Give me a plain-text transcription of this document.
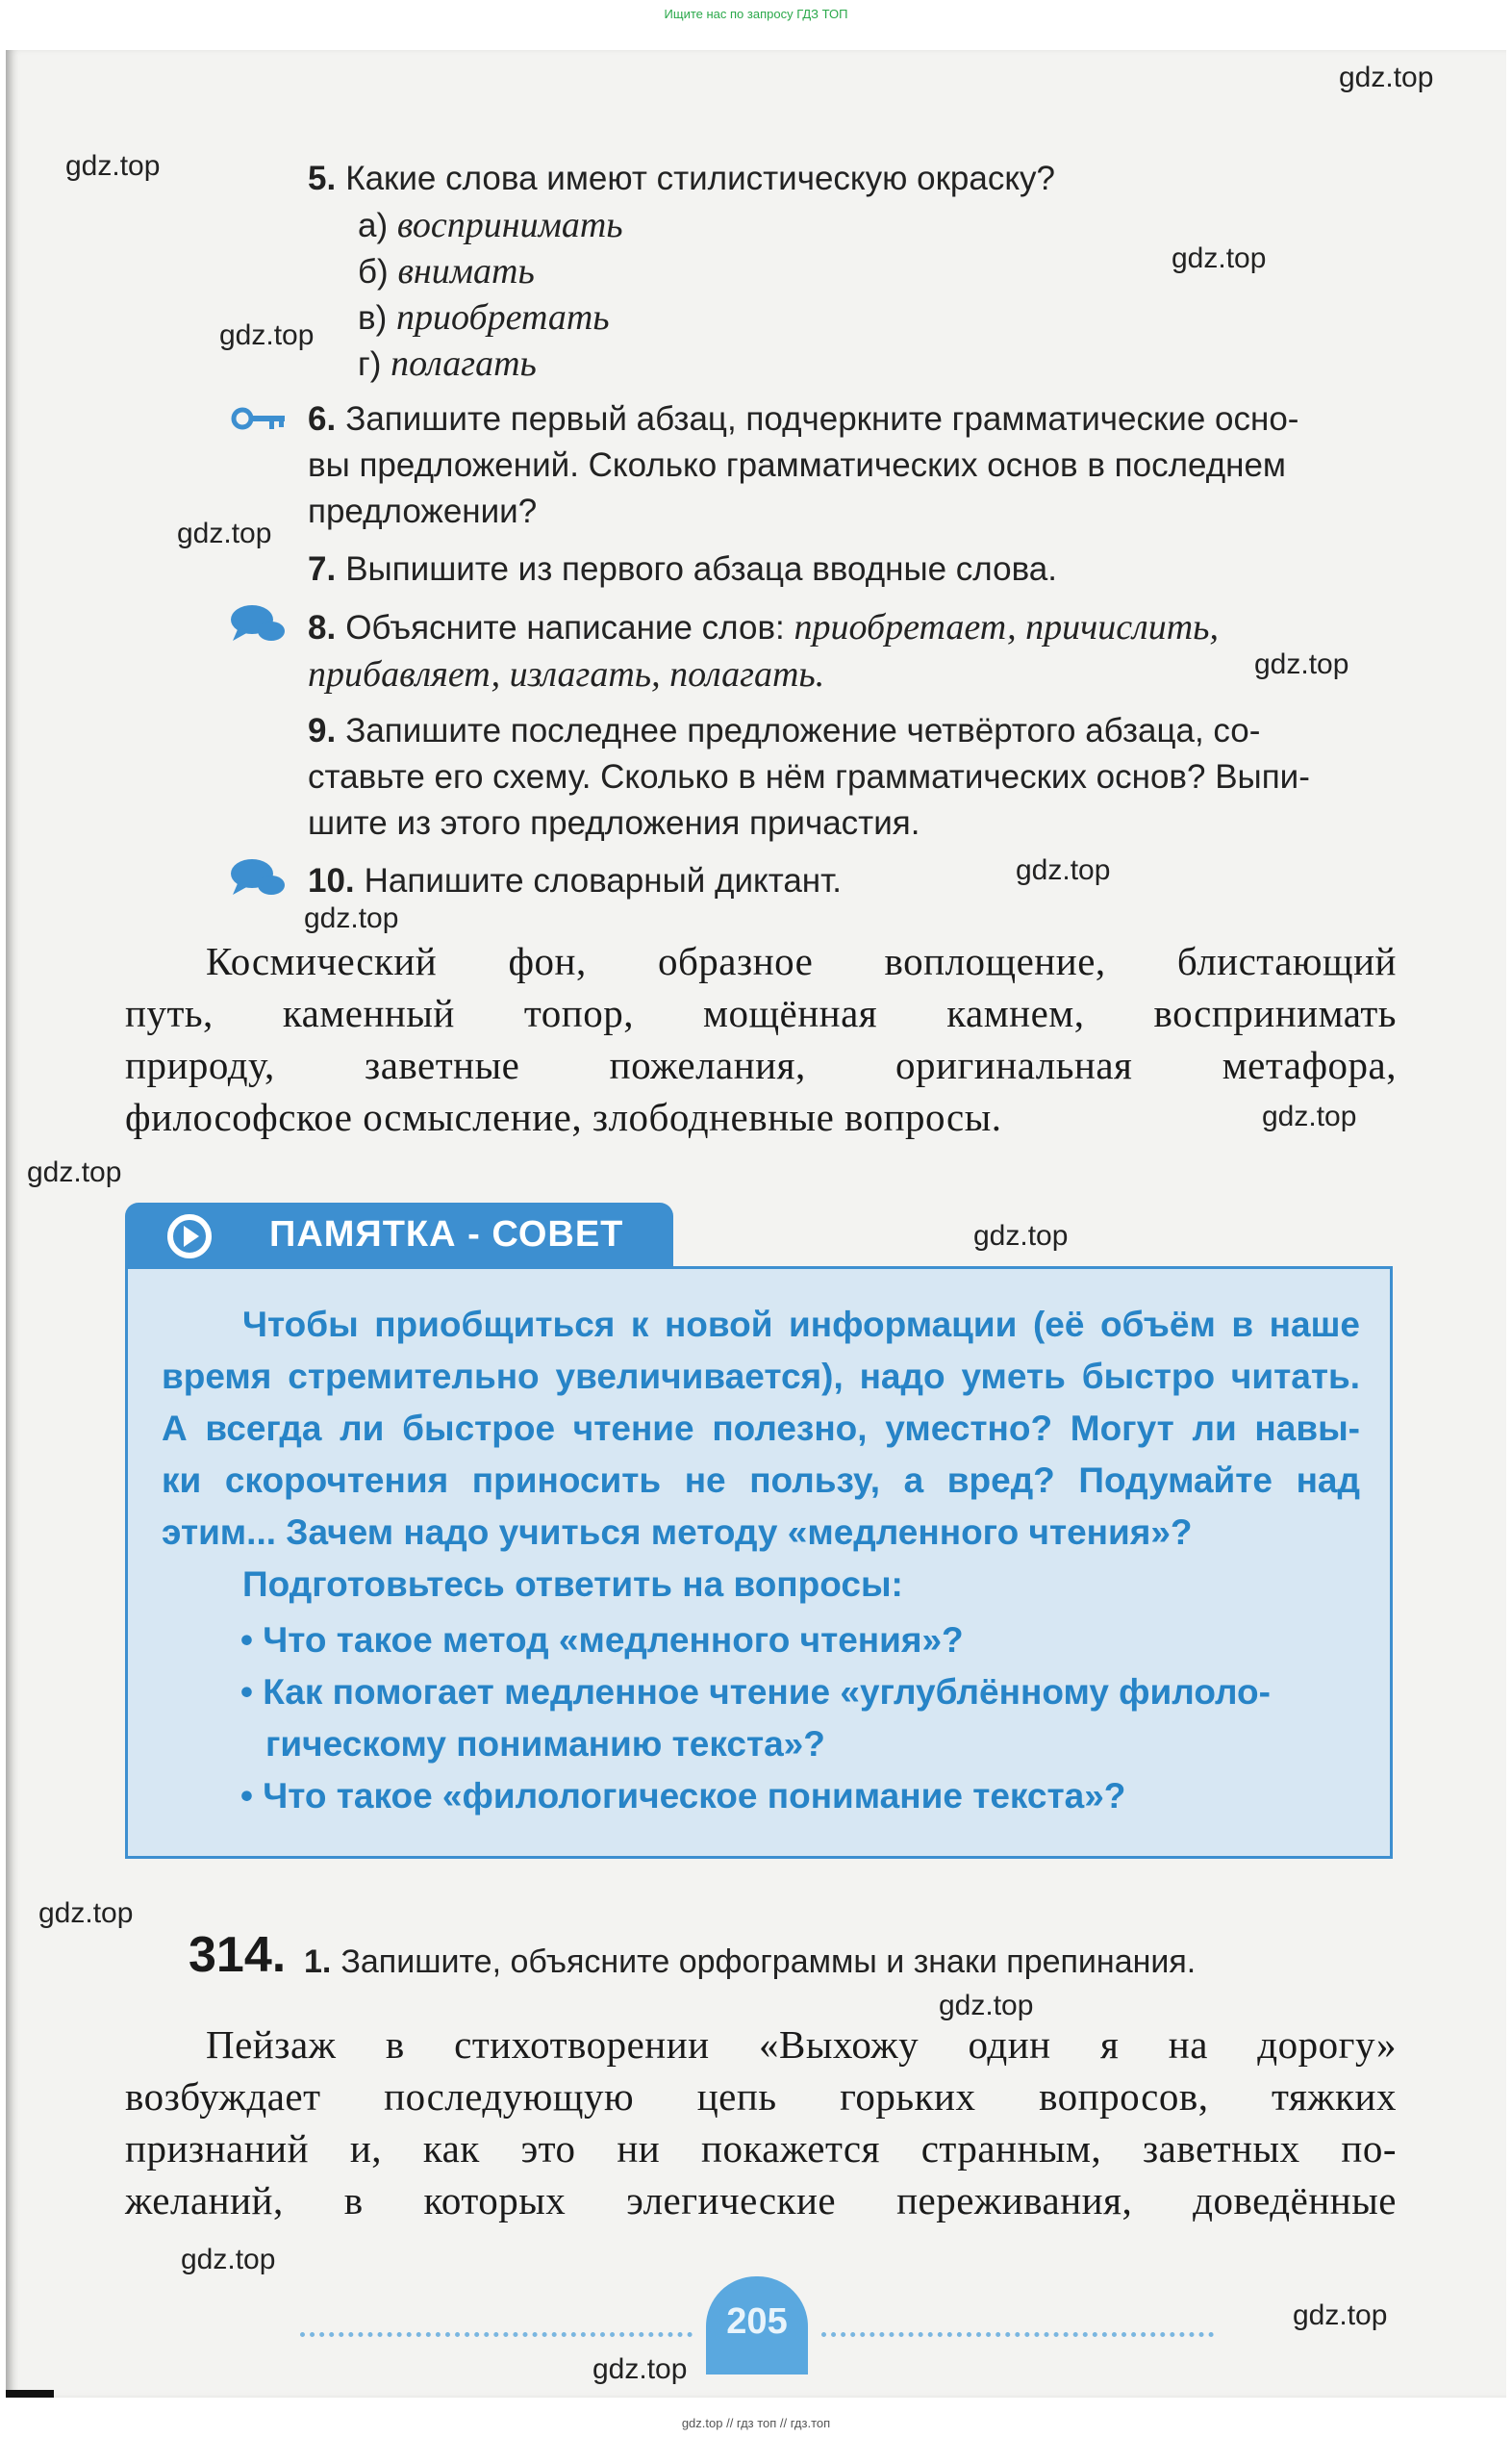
Ищите нас по запросу ГДЗ ТОП
gdz.top
gdz.top
gdz.top
gdz.top
gdz.top
gdz.top
gdz.top
gdz.top
gdz.top
gdz.top
gdz.top
gdz.top
gdz.top
gdz.top
gdz.top
gdz.top
5. Какие слова имеют стилистическую окраску?
а) воспринимать
б) внимать
в) приобретать
г) полагать
6. Запишите первый абзац, подчеркните грамматические осно-
вы предложений. Сколько грамматических основ в последнем
предложении?
7. Выпишите из первого абзаца вводные слова.
8. Объясните написание слов: приобретает, причислить,
прибавляет, излагать, полагать.
9. Запишите последнее предложение четвёртого абзаца, со-
ставьте его схему. Сколько в нём грамматических основ? Выпи-
шите из этого предложения причастия.
10. Напишите словарный диктант.
Космический фон, образное воплощение, блистающий
путь, каменный топор, мощённая камнем, воспринимать
природу, заветные пожелания, оригинальная метафора,
философское осмысление, злободневные вопросы.
ПАМЯТКА - СОВЕТ
Чтобы приобщиться к новой информации (её объём в наше
время стремительно увеличивается), надо уметь быстро читать.
А всегда ли быстрое чтение полезно, уместно? Могут ли навы-
ки скорочтения приносить не пользу, а вред? Подумайте над
этим... Зачем надо учиться методу «медленного чтения»?
Подготовьтесь ответить на вопросы:
• Что такое метод «медленного чтения»?
• Как помогает медленное чтение «углублённому филоло-
гическому пониманию текста»?
• Что такое «филологическое понимание текста»?
314. 1. Запишите, объясните орфограммы и знаки препинания.
Пейзаж в стихотворении «Выхожу один я на дорогу»
возбуждает последующую цепь горьких вопросов, тяжких
признаний и, как это ни покажется странным, заветных по-
желаний, в которых элегические переживания, доведённые
205
gdz.top // гдз топ // гдз.топ
